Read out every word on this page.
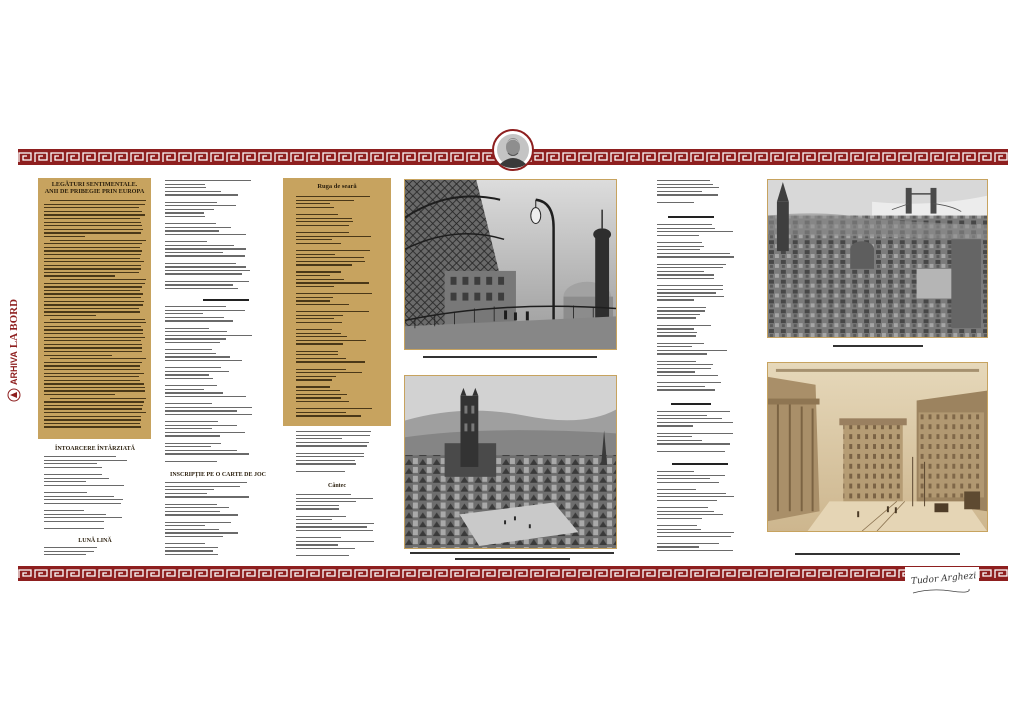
ARHIVA
LA BORD
LEGĂTURI SENTIMENTALE.
ANII DE PRIBEGIE PRIN EUROPA
ÎNTOARCERE ÎNTÂRZIATĂ
LUNĂ LINĂ
INSCRIPȚIE PE O CARTE DE JOC
Ruga de seară
Cântec
Tudor Arghezi
